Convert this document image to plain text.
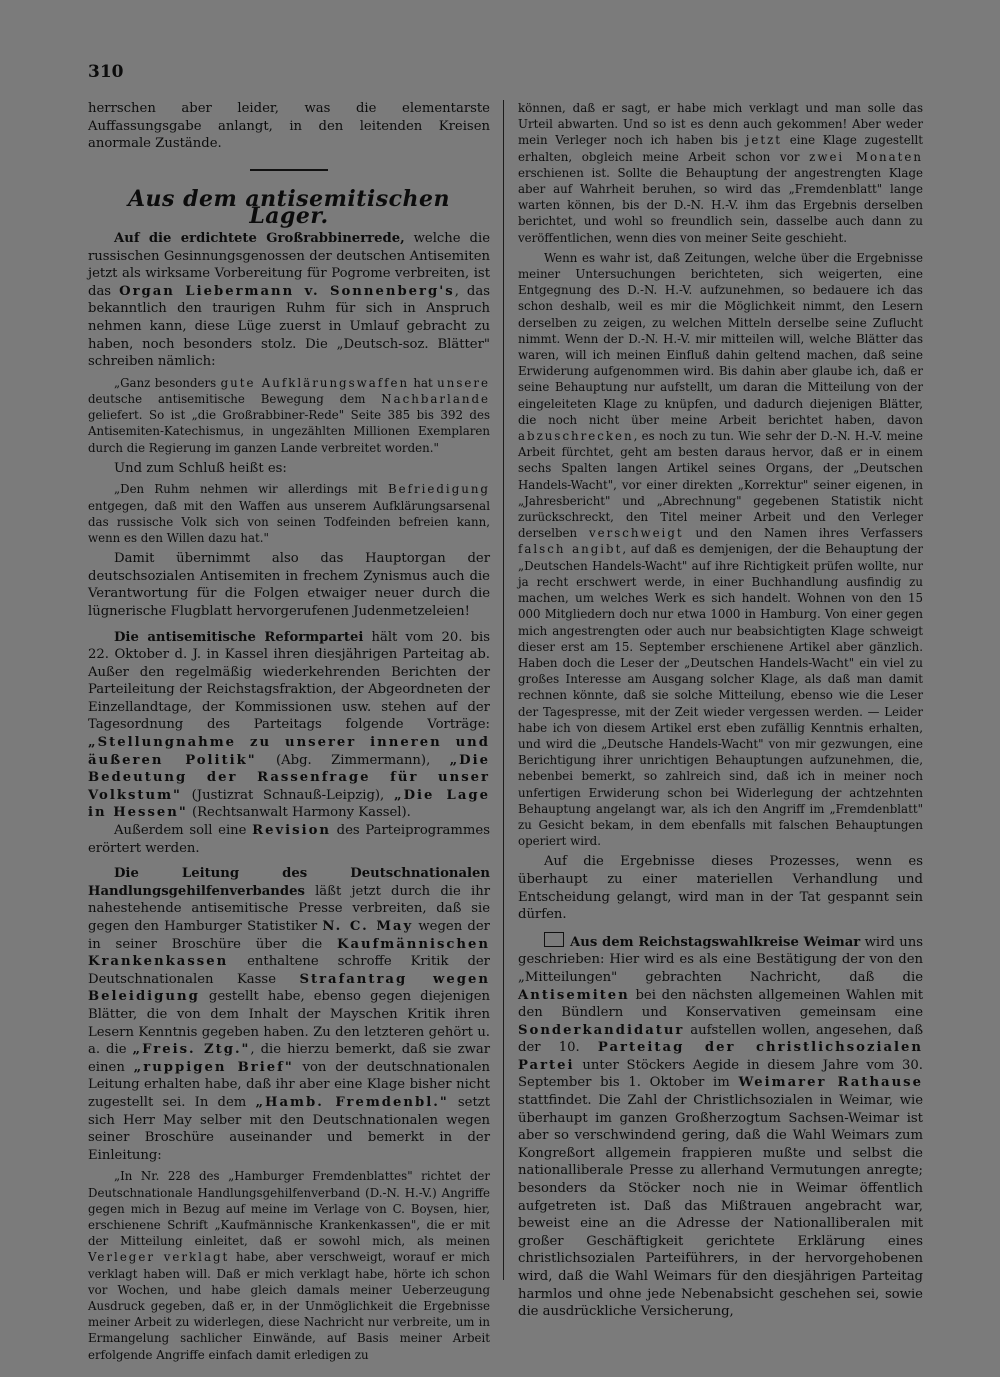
310

herrschen aber leider, was die elementarste Auffassungsgabe anlangt, in den leitenden Kreisen anormale Zustände.

Aus dem antisemitischen Lager.

Auf die erdichtete Großrabbinerrede, welche die russischen Gesinnungsgenossen der deutschen Antisemiten jetzt als wirksame Vorbereitung für Pogrome verbreiten, ist das Organ Liebermann v. Sonnenberg's, das bekanntlich den traurigen Ruhm für sich in Anspruch nehmen kann, diese Lüge zuerst in Umlauf gebracht zu haben, noch besonders stolz. Die „Deutsch-soz. Blätter" schreiben nämlich:

„Ganz besonders gute Aufklärungswaffen hat unsere deutsche antisemitische Bewegung dem Nachbarlande geliefert. So ist „die Großrabbiner-Rede" Seite 385 bis 392 des Antisemiten-Katechismus, in ungezählten Millionen Exemplaren durch die Regierung im ganzen Lande verbreitet worden."

Und zum Schluß heißt es:

„Den Ruhm nehmen wir allerdings mit Befriedigung entgegen, daß mit den Waffen aus unserem Aufklärungsarsenal das russische Volk sich von seinen Todfeinden befreien kann, wenn es den Willen dazu hat."

Damit übernimmt also das Hauptorgan der deutschsozialen Antisemiten in frechem Zynismus auch die Verantwortung für die Folgen etwaiger neuer durch die lügnerische Flugblatt hervorgerufenen Judenmetzeleien!

Die antisemitische Reformpartei hält vom 20. bis 22. Oktober d. J. in Kassel ihren diesjährigen Parteitag ab. Außer den regelmäßig wiederkehrenden Berichten der Parteileitung der Reichstagsfraktion, der Abgeordneten der Einzellandtage, der Kommissionen usw. stehen auf der Tagesordnung des Parteitags folgende Vorträge: „Stellungnahme zu unserer inneren und äußeren Politik" (Abg. Zimmermann), „Die Bedeutung der Rassenfrage für unser Volkstum" (Justizrat Schnauß-Leipzig), „Die Lage in Hessen" (Rechtsanwalt Harmony Kassel).

Außerdem soll eine Revision des Parteiprogrammes erörtert werden.

Die Leitung des Deutschnationalen Handlungsgehilfenverbandes läßt jetzt durch die ihr nahestehende antisemitische Presse verbreiten, daß sie gegen den Hamburger Statistiker N. C. May wegen der in seiner Broschüre über die Kaufmännischen Krankenkassen enthaltene schroffe Kritik der Deutschnationalen Kasse Strafantrag wegen Beleidigung gestellt habe, ebenso gegen diejenigen Blätter, die von dem Inhalt der Mayschen Kritik ihren Lesern Kenntnis gegeben haben. Zu den letzteren gehört u. a. die „Freis. Ztg.", die hierzu bemerkt, daß sie zwar einen „ruppigen Brief" von der deutschnationalen Leitung erhalten habe, daß ihr aber eine Klage bisher nicht zugestellt sei. In dem „Hamb. Fremdenbl." setzt sich Herr May selber mit den Deutschnationalen wegen seiner Broschüre auseinander und bemerkt in der Einleitung:

„In Nr. 228 des „Hamburger Fremdenblattes" richtet der Deutschnationale Handlungsgehilfenverband (D.-N. H.-V.) Angriffe gegen mich in Bezug auf meine im Verlage von C. Boysen, hier, erschienene Schrift „Kaufmännische Krankenkassen", die er mit der Mitteilung einleitet, daß er sowohl mich, als meinen Verleger verklagt habe, aber verschweigt, worauf er mich verklagt haben will. Daß er mich verklagt habe, hörte ich schon vor Wochen, und habe gleich damals meiner Ueberzeugung Ausdruck gegeben, daß er, in der Unmöglichkeit die Ergebnisse meiner Arbeit zu widerlegen, diese Nachricht nur verbreite, um in Ermangelung sachlicher Einwände, auf Basis meiner Arbeit erfolgende Angriffe einfach damit erledigen zu

können, daß er sagt, er habe mich verklagt und man solle das Urteil abwarten. Und so ist es denn auch gekommen! Aber weder mein Verleger noch ich haben bis jetzt eine Klage zugestellt erhalten, obgleich meine Arbeit schon vor zwei Monaten erschienen ist. Sollte die Behauptung der angestrengten Klage aber auf Wahrheit beruhen, so wird das „Fremdenblatt" lange warten können, bis der D.-N. H.-V. ihm das Ergebnis derselben berichtet, und wohl so freundlich sein, dasselbe auch dann zu veröffentlichen, wenn dies von meiner Seite geschieht.

Wenn es wahr ist, daß Zeitungen, welche über die Ergebnisse meiner Untersuchungen berichteten, sich weigerten, eine Entgegnung des D.-N. H.-V. aufzunehmen, so bedauere ich das schon deshalb, weil es mir die Möglichkeit nimmt, den Lesern derselben zu zeigen, zu welchen Mitteln derselbe seine Zuflucht nimmt. Wenn der D.-N. H.-V. mir mitteilen will, welche Blätter das waren, will ich meinen Einfluß dahin geltend machen, daß seine Erwiderung aufgenommen wird. Bis dahin aber glaube ich, daß er seine Behauptung nur aufstellt, um daran die Mitteilung von der eingeleiteten Klage zu knüpfen, und dadurch diejenigen Blätter, die noch nicht über meine Arbeit berichtet haben, davon abzuschrecken, es noch zu tun. Wie sehr der D.-N. H.-V. meine Arbeit fürchtet, geht am besten daraus hervor, daß er in einem sechs Spalten langen Artikel seines Organs, der „Deutschen Handels-Wacht", vor einer direkten „Korrektur" seiner eigenen, in „Jahresbericht" und „Abrechnung" gegebenen Statistik nicht zurückschreckt, den Titel meiner Arbeit und den Verleger derselben verschweigt und den Namen ihres Verfassers falsch angibt, auf daß es demjenigen, der die Behauptung der „Deutschen Handels-Wacht" auf ihre Richtigkeit prüfen wollte, nur ja recht erschwert werde, in einer Buchhandlung ausfindig zu machen, um welches Werk es sich handelt. Wohnen von den 15 000 Mitgliedern doch nur etwa 1000 in Hamburg. Von einer gegen mich angestrengten oder auch nur beabsichtigten Klage schweigt dieser erst am 15. September erschienene Artikel aber gänzlich. Haben doch die Leser der „Deutschen Handels-Wacht" ein viel zu großes Interesse am Ausgang solcher Klage, als daß man damit rechnen könnte, daß sie solche Mitteilung, ebenso wie die Leser der Tagespresse, mit der Zeit wieder vergessen werden. — Leider habe ich von diesem Artikel erst eben zufällig Kenntnis erhalten, und wird die „Deutsche Handels-Wacht" von mir gezwungen, eine Berichtigung ihrer unrichtigen Behauptungen aufzunehmen, die, nebenbei bemerkt, so zahlreich sind, daß ich in meiner noch unfertigen Erwiderung schon bei Widerlegung der achtzehnten Behauptung angelangt war, als ich den Angriff im „Fremdenblatt" zu Gesicht bekam, in dem ebenfalls mit falschen Behauptungen operiert wird.

Auf die Ergebnisse dieses Prozesses, wenn es überhaupt zu einer materiellen Verhandlung und Entscheidung gelangt, wird man in der Tat gespannt sein dürfen.

Aus dem Reichstagswahlkreise Weimar wird uns geschrieben: Hier wird es als eine Bestätigung der von den „Mitteilungen" gebrachten Nachricht, daß die Antisemiten bei den nächsten allgemeinen Wahlen mit den Bündlern und Konservativen gemeinsam eine Sonderkandidatur aufstellen wollen, angesehen, daß der 10. Parteitag der christlichsozialen Partei unter Stöckers Aegide in diesem Jahre vom 30. September bis 1. Oktober im Weimarer Rathause stattfindet. Die Zahl der Christlichsozialen in Weimar, wie überhaupt im ganzen Großherzogtum Sachsen-Weimar ist aber so verschwindend gering, daß die Wahl Weimars zum Kongreßort allgemein frappieren mußte und selbst die nationalliberale Presse zu allerhand Vermutungen anregte; besonders da Stöcker noch nie in Weimar öffentlich aufgetreten ist. Daß das Mißtrauen angebracht war, beweist eine an die Adresse der Nationalliberalen mit großer Geschäftigkeit gerichtete Erklärung eines christlichsozialen Parteiführers, in der hervorgehobenen wird, daß die Wahl Weimars für den diesjährigen Parteitag harmlos und ohne jede Nebenabsicht geschehen sei, sowie die ausdrückliche Versicherung,
